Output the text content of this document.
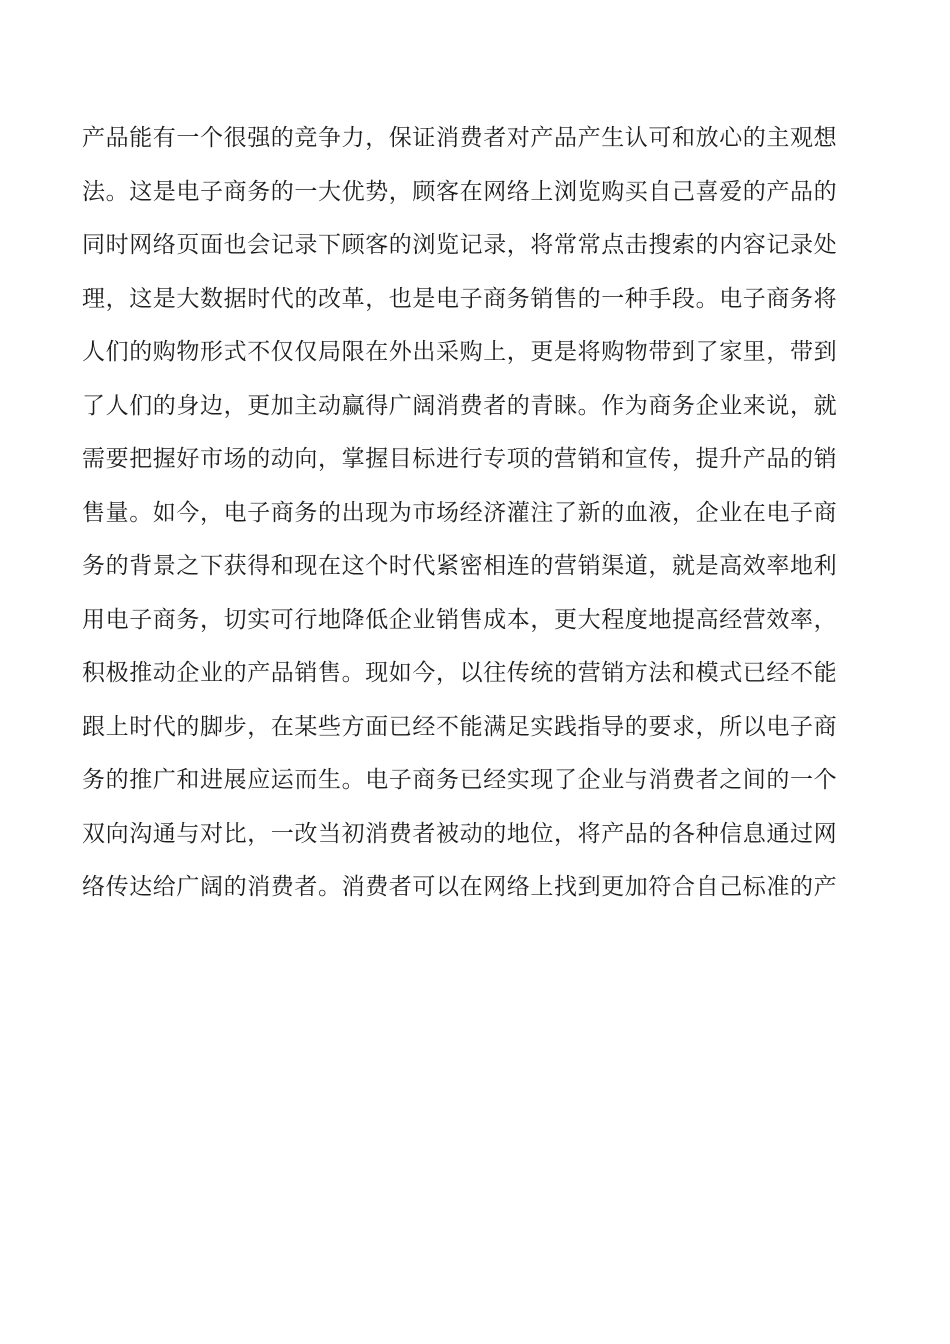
产品能有一个很强的竞争力，保证消费者对产品产生认可和放心的主观想
法。这是电子商务的一大优势，顾客在网络上浏览购买自己喜爱的产品的
同时网络页面也会记录下顾客的浏览记录，将常常点击搜索的内容记录处
理，这是大数据时代的改革，也是电子商务销售的一种手段。电子商务将
人们的购物形式不仅仅局限在外出采购上，更是将购物带到了家里，带到
了人们的身边，更加主动赢得广阔消费者的青睐。作为商务企业来说，就
需要把握好市场的动向，掌握目标进行专项的营销和宣传，提升产品的销
售量。如今，电子商务的出现为市场经济灌注了新的血液，企业在电子商
务的背景之下获得和现在这个时代紧密相连的营销渠道，就是高效率地利
用电子商务，切实可行地降低企业销售成本，更大程度地提高经营效率，
积极推动企业的产品销售。现如今，以往传统的营销方法和模式已经不能
跟上时代的脚步，在某些方面已经不能满足实践指导的要求，所以电子商
务的推广和进展应运而生。电子商务已经实现了企业与消费者之间的一个
双向沟通与对比，一改当初消费者被动的地位，将产品的各种信息通过网
络传达给广阔的消费者。消费者可以在网络上找到更加符合自己标准的产
